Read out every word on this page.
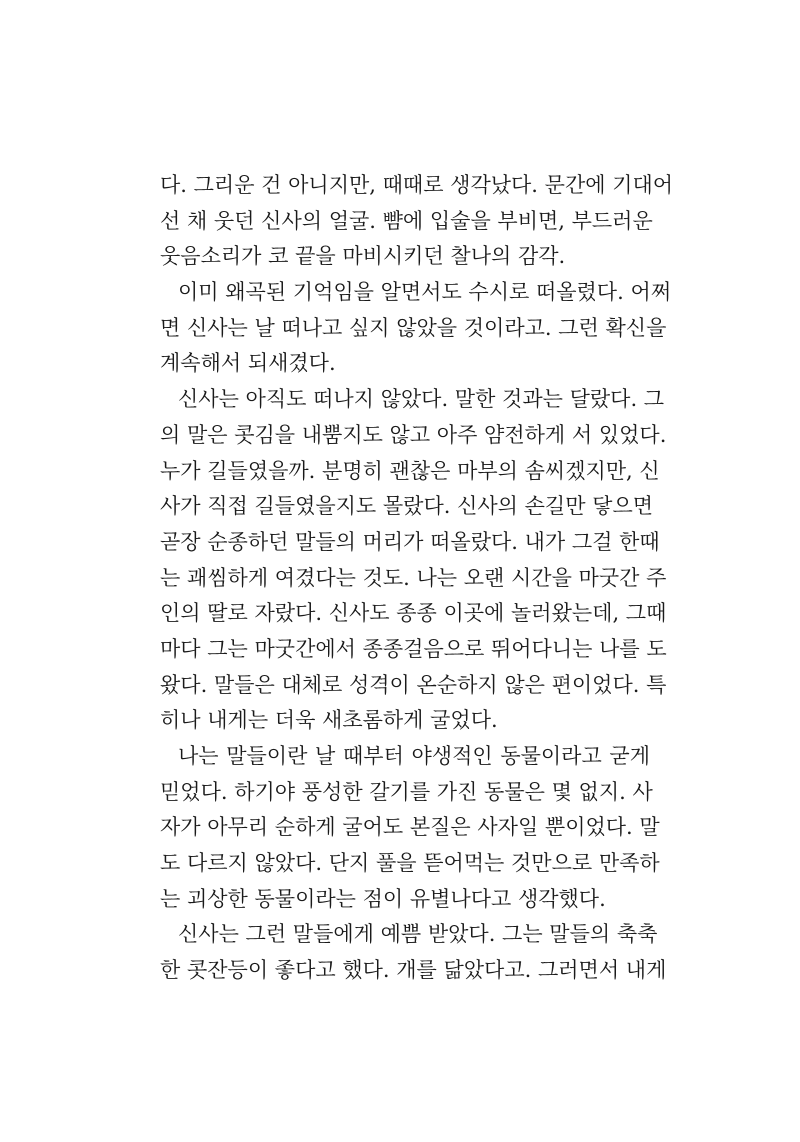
다. 그리운 건 아니지만, 때때로 생각났다. 문간에 기대어
선 채 웃던 신사의 얼굴. 뺨에 입술을 부비면, 부드러운
웃음소리가 코 끝을 마비시키던 찰나의 감각.
이미 왜곡된 기억임을 알면서도 수시로 떠올렸다. 어쩌
면 신사는 날 떠나고 싶지 않았을 것이라고. 그런 확신을
계속해서 되새겼다.
신사는 아직도 떠나지 않았다. 말한 것과는 달랐다. 그
의 말은 콧김을 내뿜지도 않고 아주 얌전하게 서 있었다.
누가 길들였을까. 분명히 괜찮은 마부의 솜씨겠지만, 신
사가 직접 길들였을지도 몰랐다. 신사의 손길만 닿으면
곧장 순종하던 말들의 머리가 떠올랐다. 내가 그걸 한때
는 괘씸하게 여겼다는 것도. 나는 오랜 시간을 마굿간 주
인의 딸로 자랐다. 신사도 종종 이곳에 놀러왔는데, 그때
마다 그는 마굿간에서 종종걸음으로 뛰어다니는 나를 도
왔다. 말들은 대체로 성격이 온순하지 않은 편이었다. 특
히나 내게는 더욱 새초롬하게 굴었다.
나는 말들이란 날 때부터 야생적인 동물이라고 굳게
믿었다. 하기야 풍성한 갈기를 가진 동물은 몇 없지. 사
자가 아무리 순하게 굴어도 본질은 사자일 뿐이었다. 말
도 다르지 않았다. 단지 풀을 뜯어먹는 것만으로 만족하
는 괴상한 동물이라는 점이 유별나다고 생각했다.
신사는 그런 말들에게 예쁨 받았다. 그는 말들의 축축
한 콧잔등이 좋다고 했다. 개를 닮았다고. 그러면서 내게
